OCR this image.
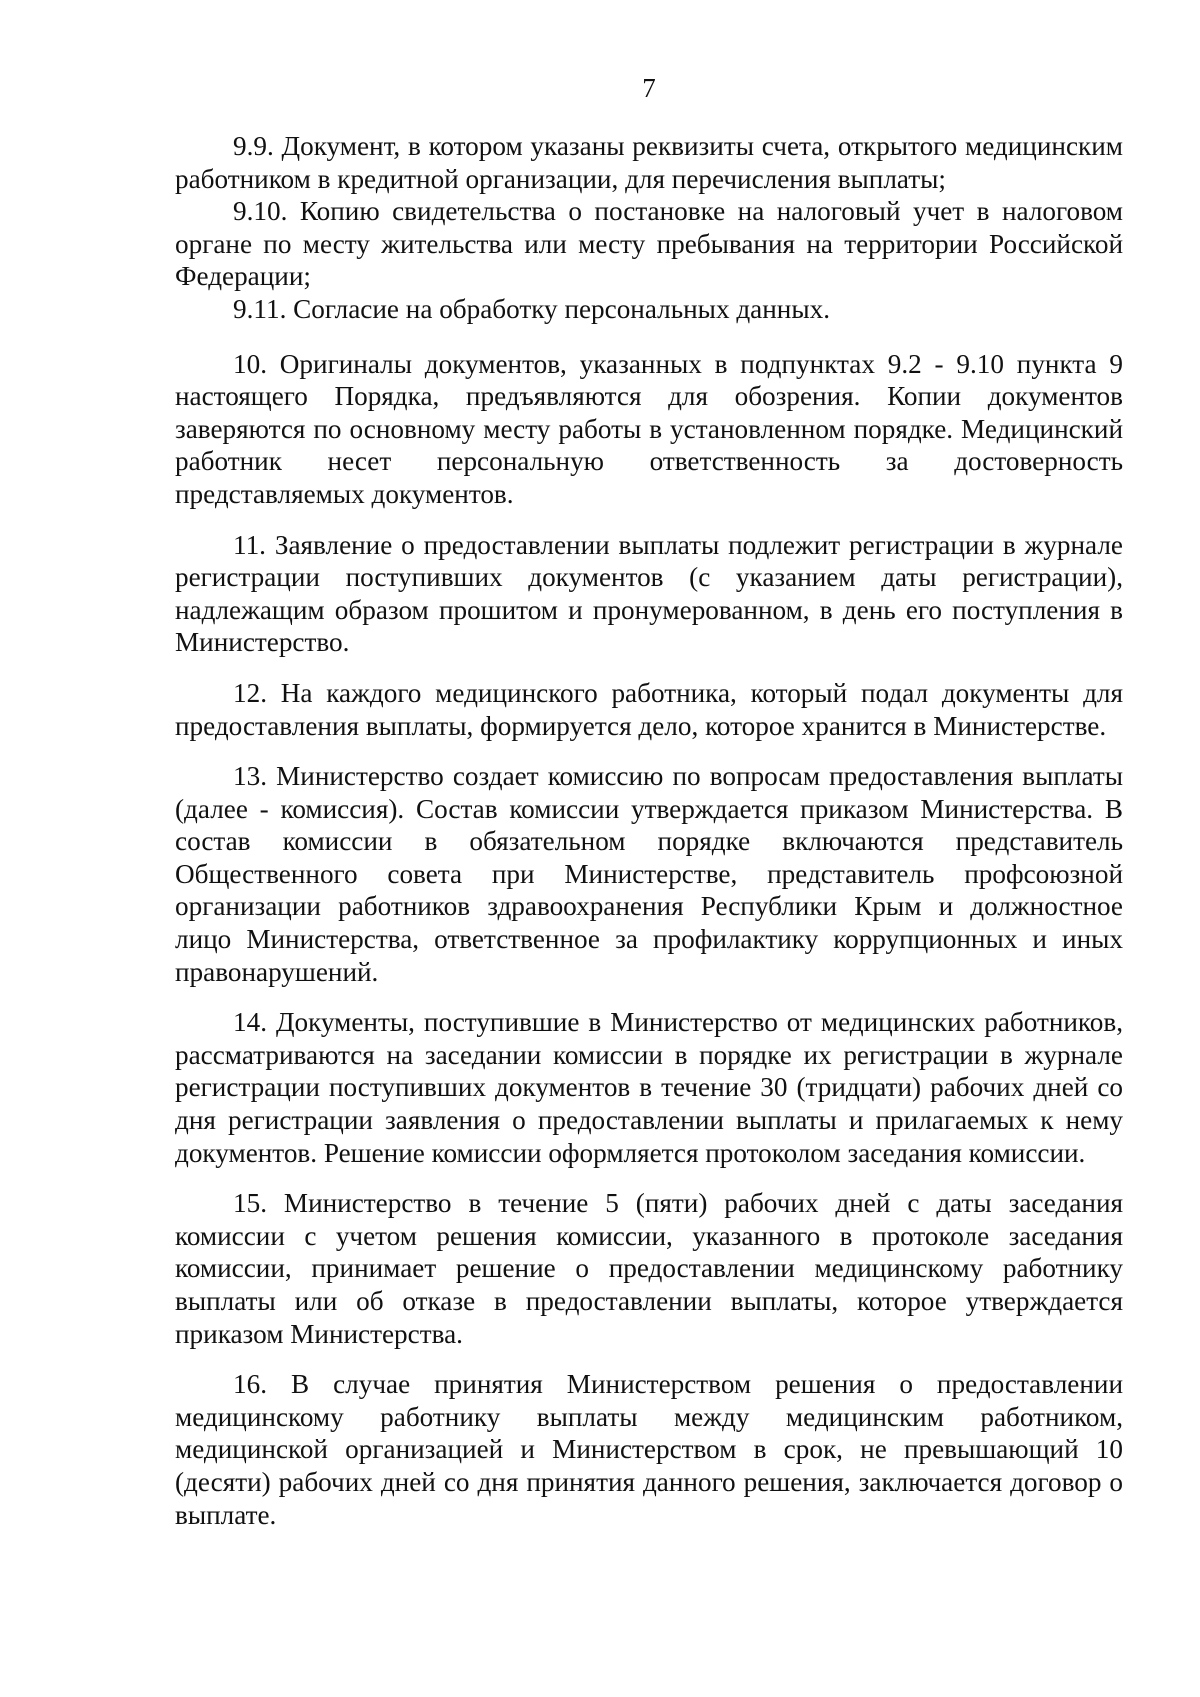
7

9.9. Документ, в котором указаны реквизиты счета, открытого медицинским работником в кредитной организации, для перечисления выплаты;

9.10. Копию свидетельства о постановке на налоговый учет в налоговом органе по месту жительства или месту пребывания на территории Российской Федерации;

9.11. Согласие на обработку персональных данных.

10. Оригиналы документов, указанных в подпунктах 9.2 - 9.10 пункта 9 настоящего Порядка, предъявляются для обозрения. Копии документов заверяются по основному месту работы в установленном порядке. Медицинский работник несет персональную ответственность за достоверность представляемых документов.

11. Заявление о предоставлении выплаты подлежит регистрации в журнале регистрации поступивших документов (с указанием даты регистрации), надлежащим образом прошитом и пронумерованном, в день его поступления в Министерство.

12. На каждого медицинского работника, который подал документы для предоставления выплаты, формируется дело, которое хранится в Министерстве.

13. Министерство создает комиссию по вопросам предоставления выплаты (далее - комиссия). Состав комиссии утверждается приказом Министерства. В состав комиссии в обязательном порядке включаются представитель Общественного совета при Министерстве, представитель профсоюзной организации работников здравоохранения Республики Крым и должностное лицо Министерства, ответственное за профилактику коррупционных и иных правонарушений.

14. Документы, поступившие в Министерство от медицинских работников, рассматриваются на заседании комиссии в порядке их регистрации в журнале регистрации поступивших документов в течение 30 (тридцати) рабочих дней со дня регистрации заявления о предоставлении выплаты и прилагаемых к нему документов. Решение комиссии оформляется протоколом заседания комиссии.

15. Министерство в течение 5 (пяти) рабочих дней с даты заседания комиссии с учетом решения комиссии, указанного в протоколе заседания комиссии, принимает решение о предоставлении медицинскому работнику выплаты или об отказе в предоставлении выплаты, которое утверждается приказом Министерства.

16. В случае принятия Министерством решения о предоставлении медицинскому работнику выплаты между медицинским работником, медицинской организацией и Министерством в срок, не превышающий 10 (десяти) рабочих дней со дня принятия данного решения, заключается договор о выплате.
